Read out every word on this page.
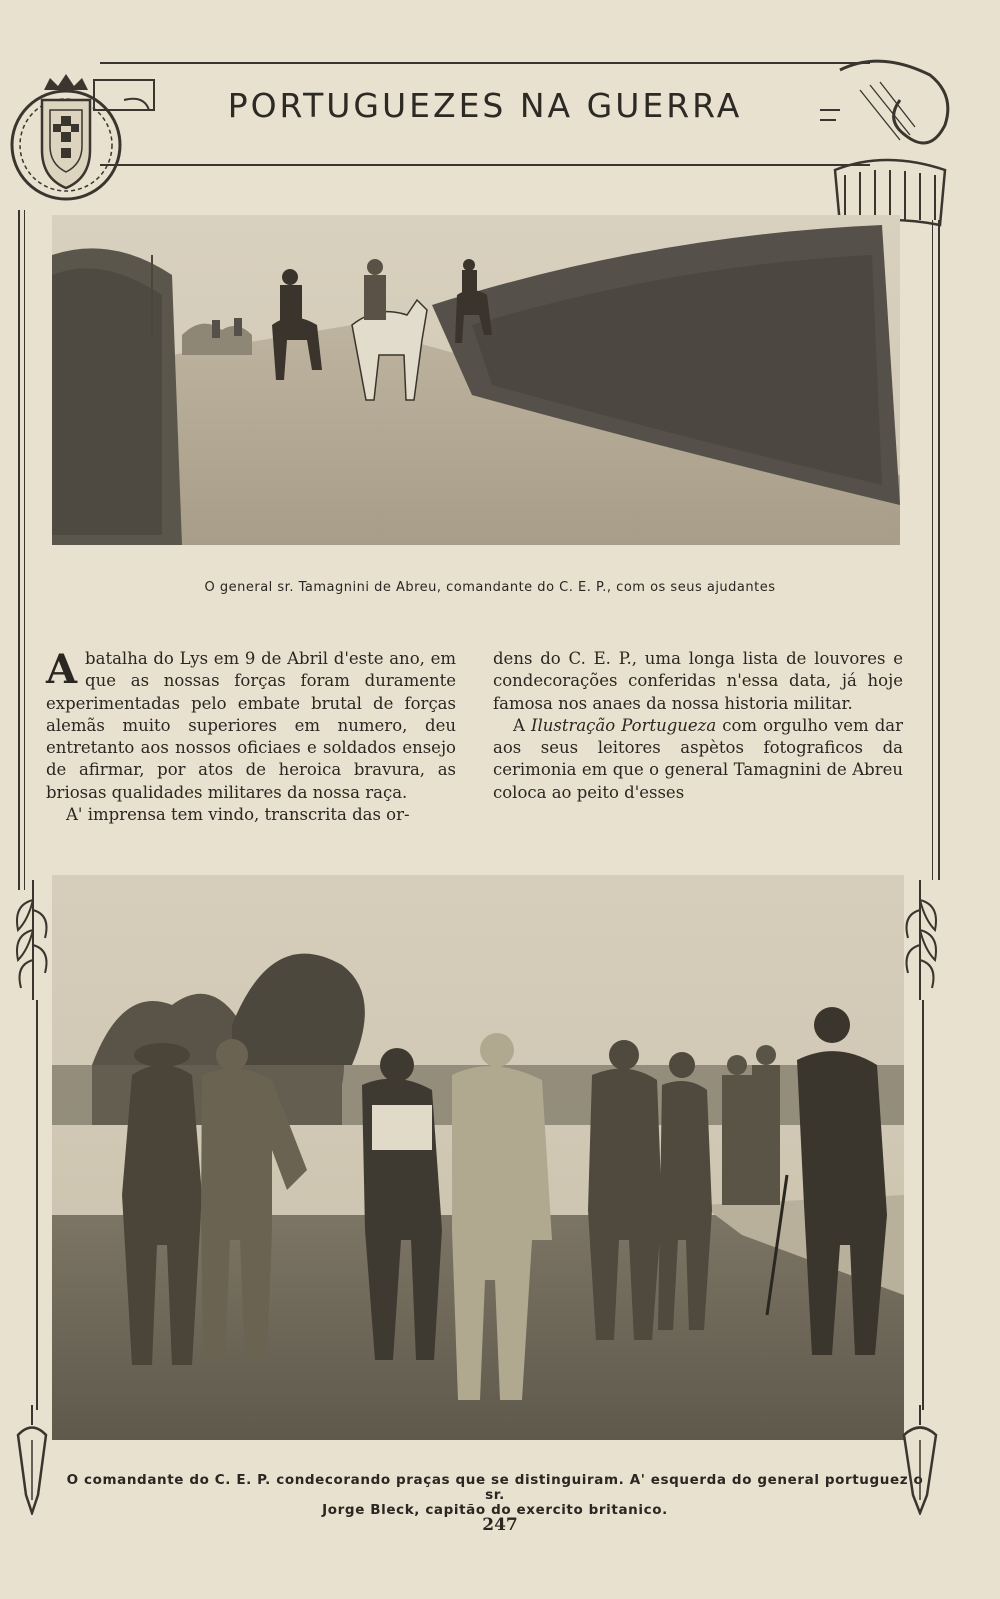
PORTUGUEZES NA GUERRA
O general sr. Tamagnini de Abreu, comandante do C. E. P., com os seus ajudantes

Abatalha do Lys em 9 de Abril d'este ano, em que as nossas forças foram duramente experimentadas pelo embate brutal de forças alemãs muito superiores em numero, deu entretanto aos nossos oficiaes e soldados ensejo de afirmar, por atos de heroica bravura, as briosas qualidades militares da nossa raça.

A' imprensa tem vindo, transcrita das or-

dens do C. E. P., uma longa lista de louvores e condecorações conferidas n'essa data, já hoje famosa nos anaes da nossa historia militar.

A Ilustração Portugueza com orgulho vem dar aos seus leitores aspètos fotograficos da cerimonia em que o general Tamagnini de Abreu coloca ao peito d'esses

O comandante do C. E. P. condecorando praças que se distinguiram. A' esquerda do general portuguez o sr.
Jorge Bleck, capitão do exercito britanico.
247
